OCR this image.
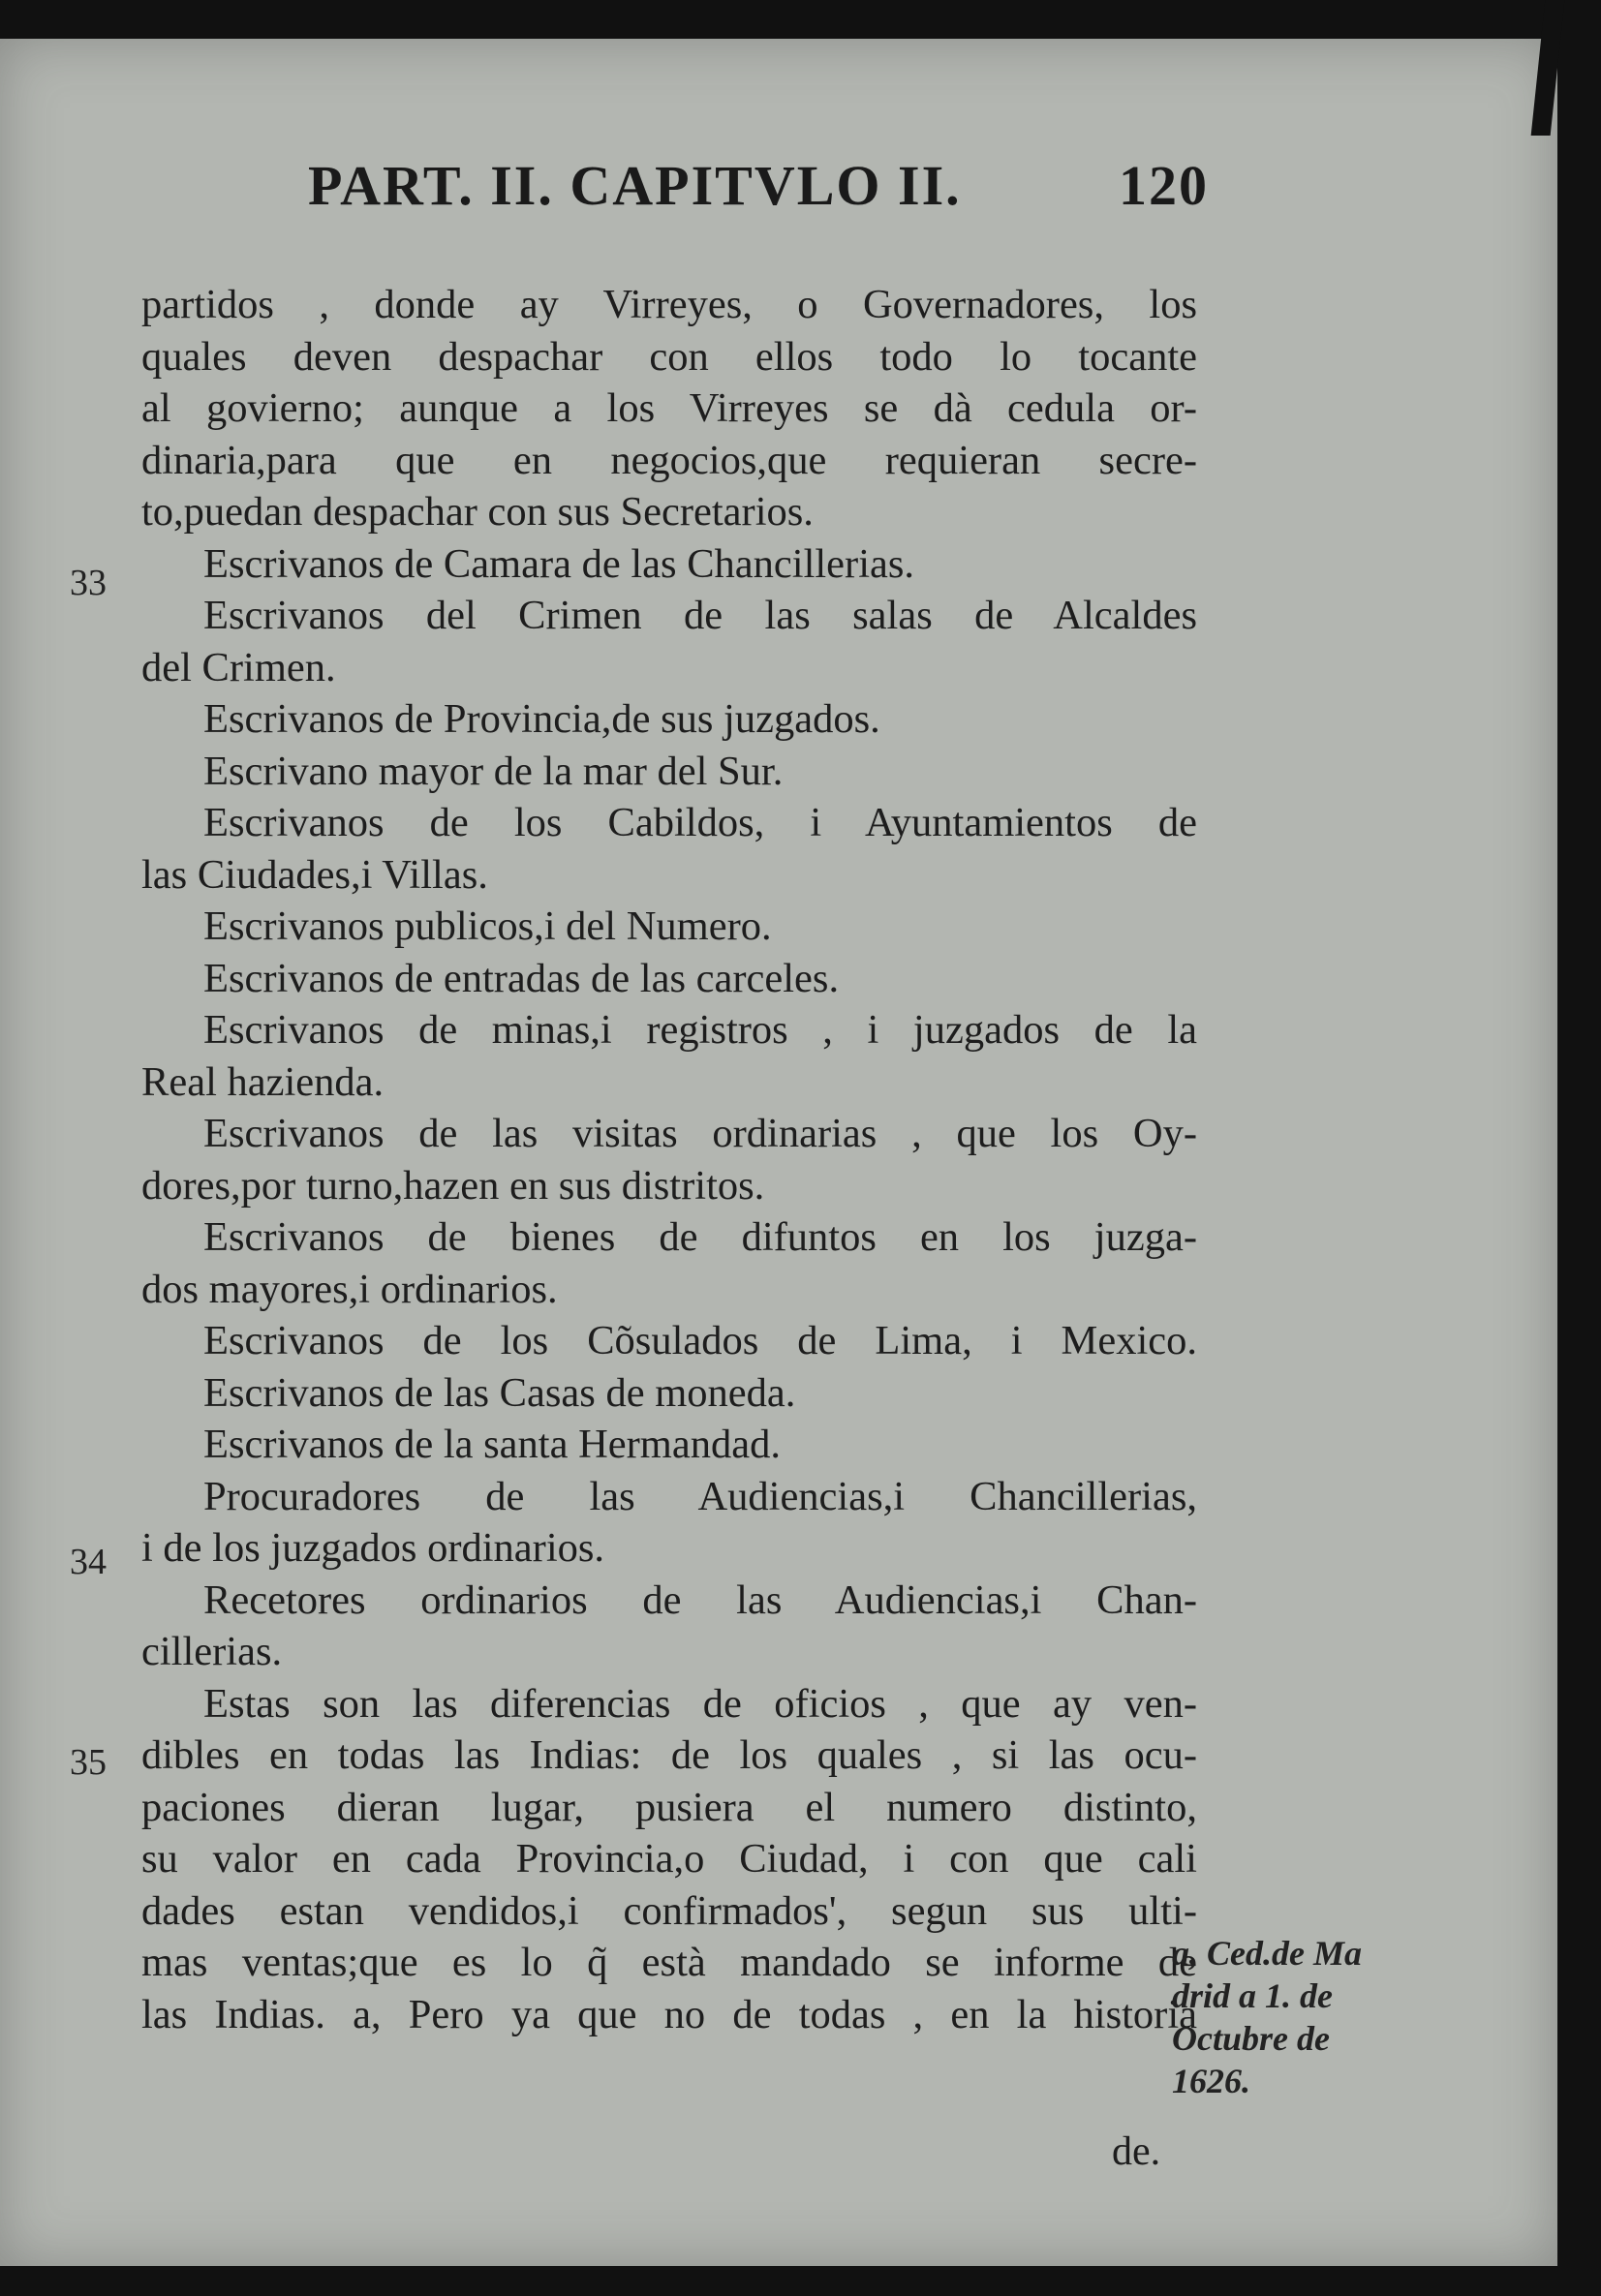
PART. II. CAPITVLO II.	120
33
34
35
partidos , donde ay Virreyes, o Governadores, los
quales deven despachar con ellos todo lo tocante
al govierno; aunque a los Virreyes se dà cedula or-
dinaria,para que en negocios,que requieran secre-
to,puedan despachar con sus Secretarios.
Escrivanos de Camara de las Chancillerias.
Escrivanos del Crimen de las salas de Alcaldes
del Crimen.
Escrivanos de Provincia,de sus juzgados.
Escrivano mayor de la mar del Sur.
Escrivanos de los Cabildos, i Ayuntamientos de
las Ciudades,i Villas.
Escrivanos publicos,i del Numero.
Escrivanos de entradas de las carceles.
Escrivanos de minas,i registros , i juzgados de la
Real hazienda.
Escrivanos de las visitas ordinarias , que los Oy-
dores,por turno,hazen en sus distritos.
Escrivanos de bienes de difuntos en los juzga-
dos mayores,i ordinarios.
Escrivanos de los Cõsulados de Lima, i Mexico.
Escrivanos de las Casas de moneda.
Escrivanos de la santa Hermandad.
Procuradores de las Audiencias,i Chancillerias,
i de los juzgados ordinarios.
Recetores ordinarios de las Audiencias,i Chan-
cillerias.
Estas son las diferencias de oficios , que ay ven-
dibles en todas las Indias: de los quales , si las ocu-
paciones dieran lugar, pusiera el numero distinto,
su valor en cada Provincia,o Ciudad, i con que cali
dades estan vendidos,i confirmados', segun sus ulti-
mas ventas;que es lo q̃ està mandado se informe de
las Indias. a, Pero ya que no de todas , en la historia
a, Ced.de Ma
drid a 1. de
Octubre de
1626.
de.
